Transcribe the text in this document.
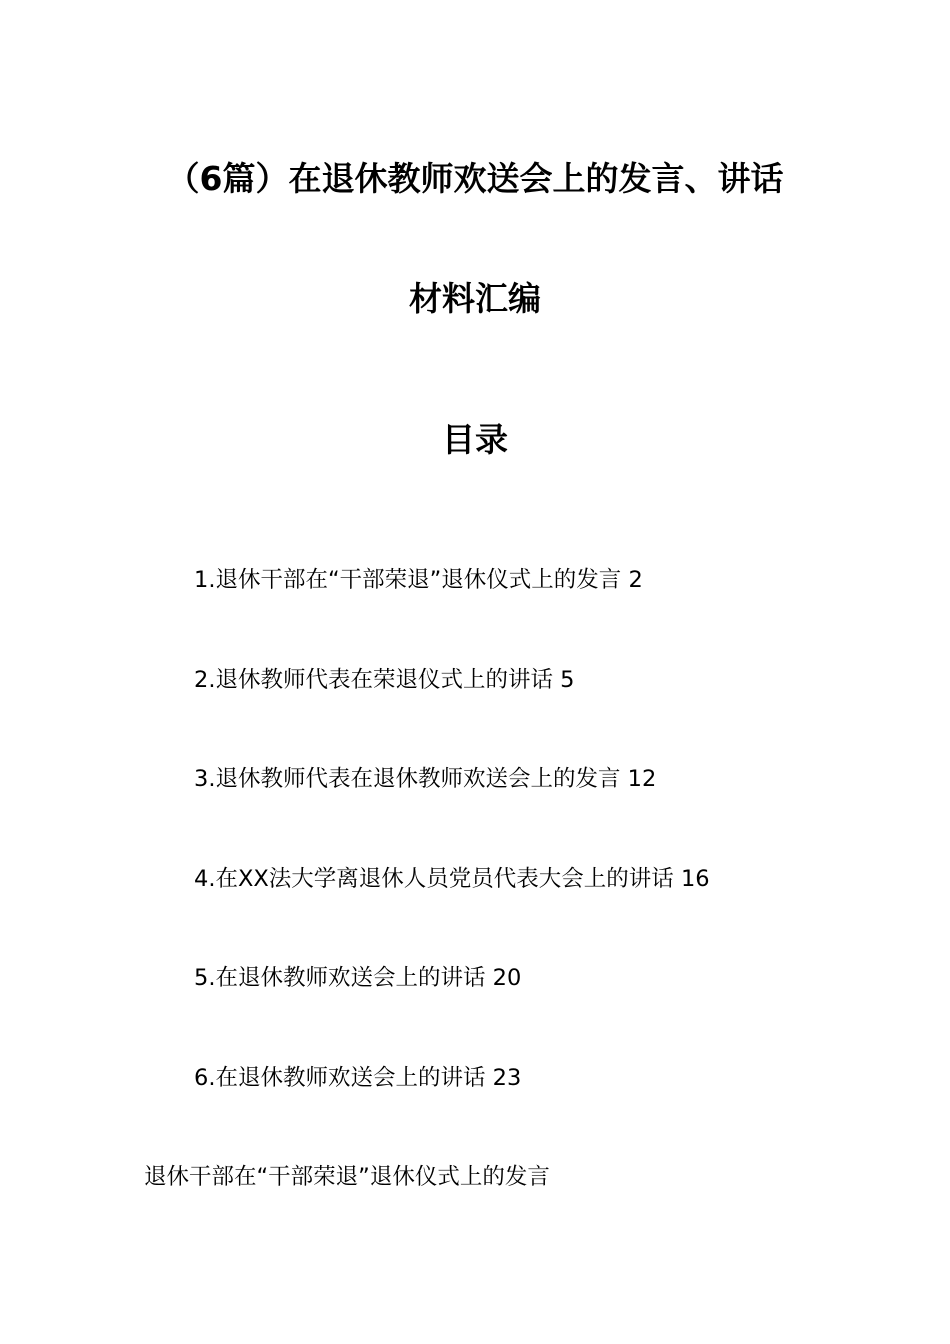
（6篇）在退休教师欢送会上的发言、讲话
材料汇编
目录
1.退休干部在“干部荣退”退休仪式上的发言 2
2.退休教师代表在荣退仪式上的讲话 5
3.退休教师代表在退休教师欢送会上的发言 12
4.在XX法大学离退休人员党员代表大会上的讲话 16
5.在退休教师欢送会上的讲话 20
6.在退休教师欢送会上的讲话 23
退休干部在“干部荣退”退休仪式上的发言
